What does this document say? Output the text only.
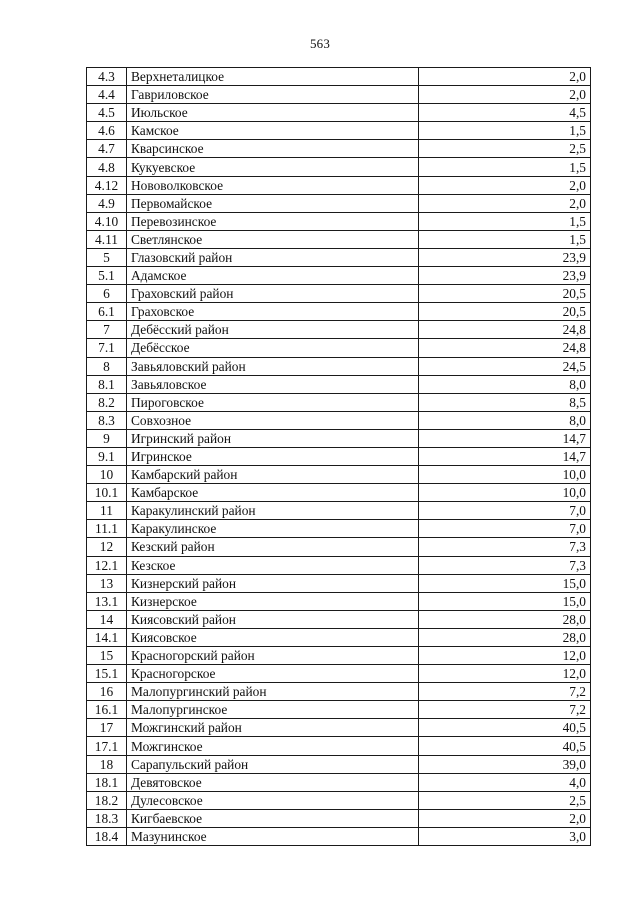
563
4.3	Верхнеталицкое	2,0
4.4	Гавриловское	2,0
4.5	Июльское	4,5
4.6	Камское	1,5
4.7	Кварсинское	2,5
4.8	Кукуевское	1,5
4.12	Нововолковское	2,0
4.9	Первомайское	2,0
4.10	Перевозинское	1,5
4.11	Светлянское	1,5
5	Глазовский район	23,9
5.1	Адамское	23,9
6	Граховский район	20,5
6.1	Граховское	20,5
7	Дебёсский район	24,8
7.1	Дебёсское	24,8
8	Завьяловский район	24,5
8.1	Завьяловское	8,0
8.2	Пироговское	8,5
8.3	Совхозное	8,0
9	Игринский район	14,7
9.1	Игринское	14,7
10	Камбарский район	10,0
10.1	Камбарское	10,0
11	Каракулинский район	7,0
11.1	Каракулинское	7,0
12	Кезский район	7,3
12.1	Кезское	7,3
13	Кизнерский район	15,0
13.1	Кизнерское	15,0
14	Киясовский район	28,0
14.1	Киясовское	28,0
15	Красногорский район	12,0
15.1	Красногорское	12,0
16	Малопургинский район	7,2
16.1	Малопургинское	7,2
17	Можгинский район	40,5
17.1	Можгинское	40,5
18	Сарапульский район	39,0
18.1	Девятовское	4,0
18.2	Дулесовское	2,5
18.3	Кигбаевское	2,0
18.4	Мазунинское	3,0
